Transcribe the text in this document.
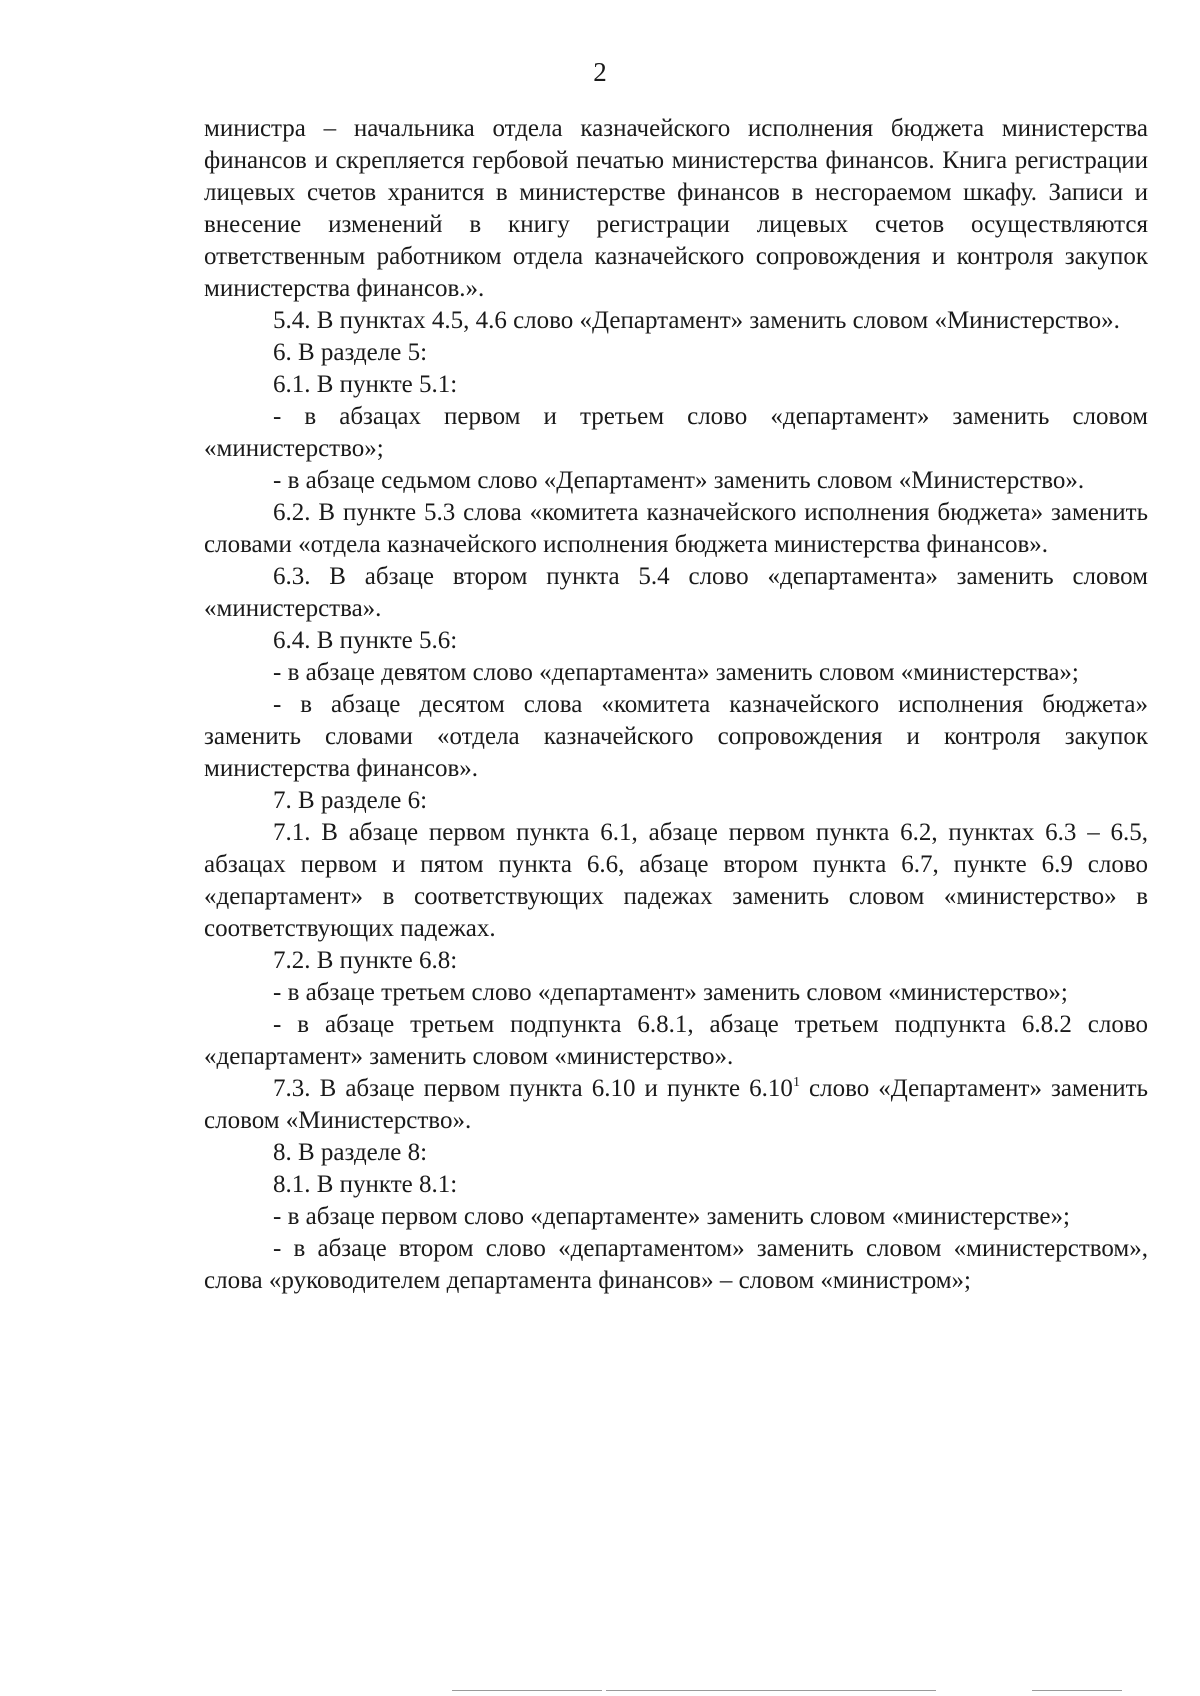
2

министра – начальника отдела казначейского исполнения бюджета министерства финансов и скрепляется гербовой печатью министерства финансов. Книга регистрации лицевых счетов хранится в министерстве финансов в несгораемом шкафу. Записи и внесение изменений в книгу регистрации лицевых счетов осуществляются ответственным работником отдела казначейского сопровождения и контроля закупок министерства финансов.».

5.4. В пунктах 4.5, 4.6 слово «Департамент» заменить словом «Министерство».

6. В разделе 5:

6.1. В пункте 5.1:

- в абзацах первом и третьем слово «департамент» заменить словом «министерство»;

- в абзаце седьмом слово «Департамент» заменить словом «Министерство».

6.2. В пункте 5.3 слова «комитета казначейского исполнения бюджета» заменить словами «отдела казначейского исполнения бюджета министерства финансов».

6.3. В абзаце втором пункта 5.4 слово «департамента» заменить словом «министерства».

6.4. В пункте 5.6:

- в абзаце девятом слово «департамента» заменить словом «министерства»;

- в абзаце десятом слова «комитета казначейского исполнения бюджета» заменить словами «отдела казначейского сопровождения и контроля закупок министерства финансов».

7. В разделе 6:

7.1. В абзаце первом пункта 6.1, абзаце первом пункта 6.2, пунктах 6.3 – 6.5, абзацах первом и пятом пункта 6.6, абзаце втором пункта 6.7, пункте 6.9 слово «департамент» в соответствующих падежах заменить словом «министерство» в соответствующих падежах.

7.2. В пункте 6.8:

- в абзаце третьем слово «департамент» заменить словом «министерство»;

- в абзаце третьем подпункта 6.8.1, абзаце третьем подпункта 6.8.2 слово «департамент» заменить словом «министерство».

7.3. В абзаце первом пункта 6.10 и пункте 6.10$^1$ слово «Департамент» заменить словом «Министерство».

8. В разделе 8:

8.1. В пункте 8.1:

- в абзаце первом слово «департаменте» заменить словом «министерстве»;

- в абзаце втором слово «департаментом» заменить словом «министерством», слова «руководителем департамента финансов» – словом «министром»;
